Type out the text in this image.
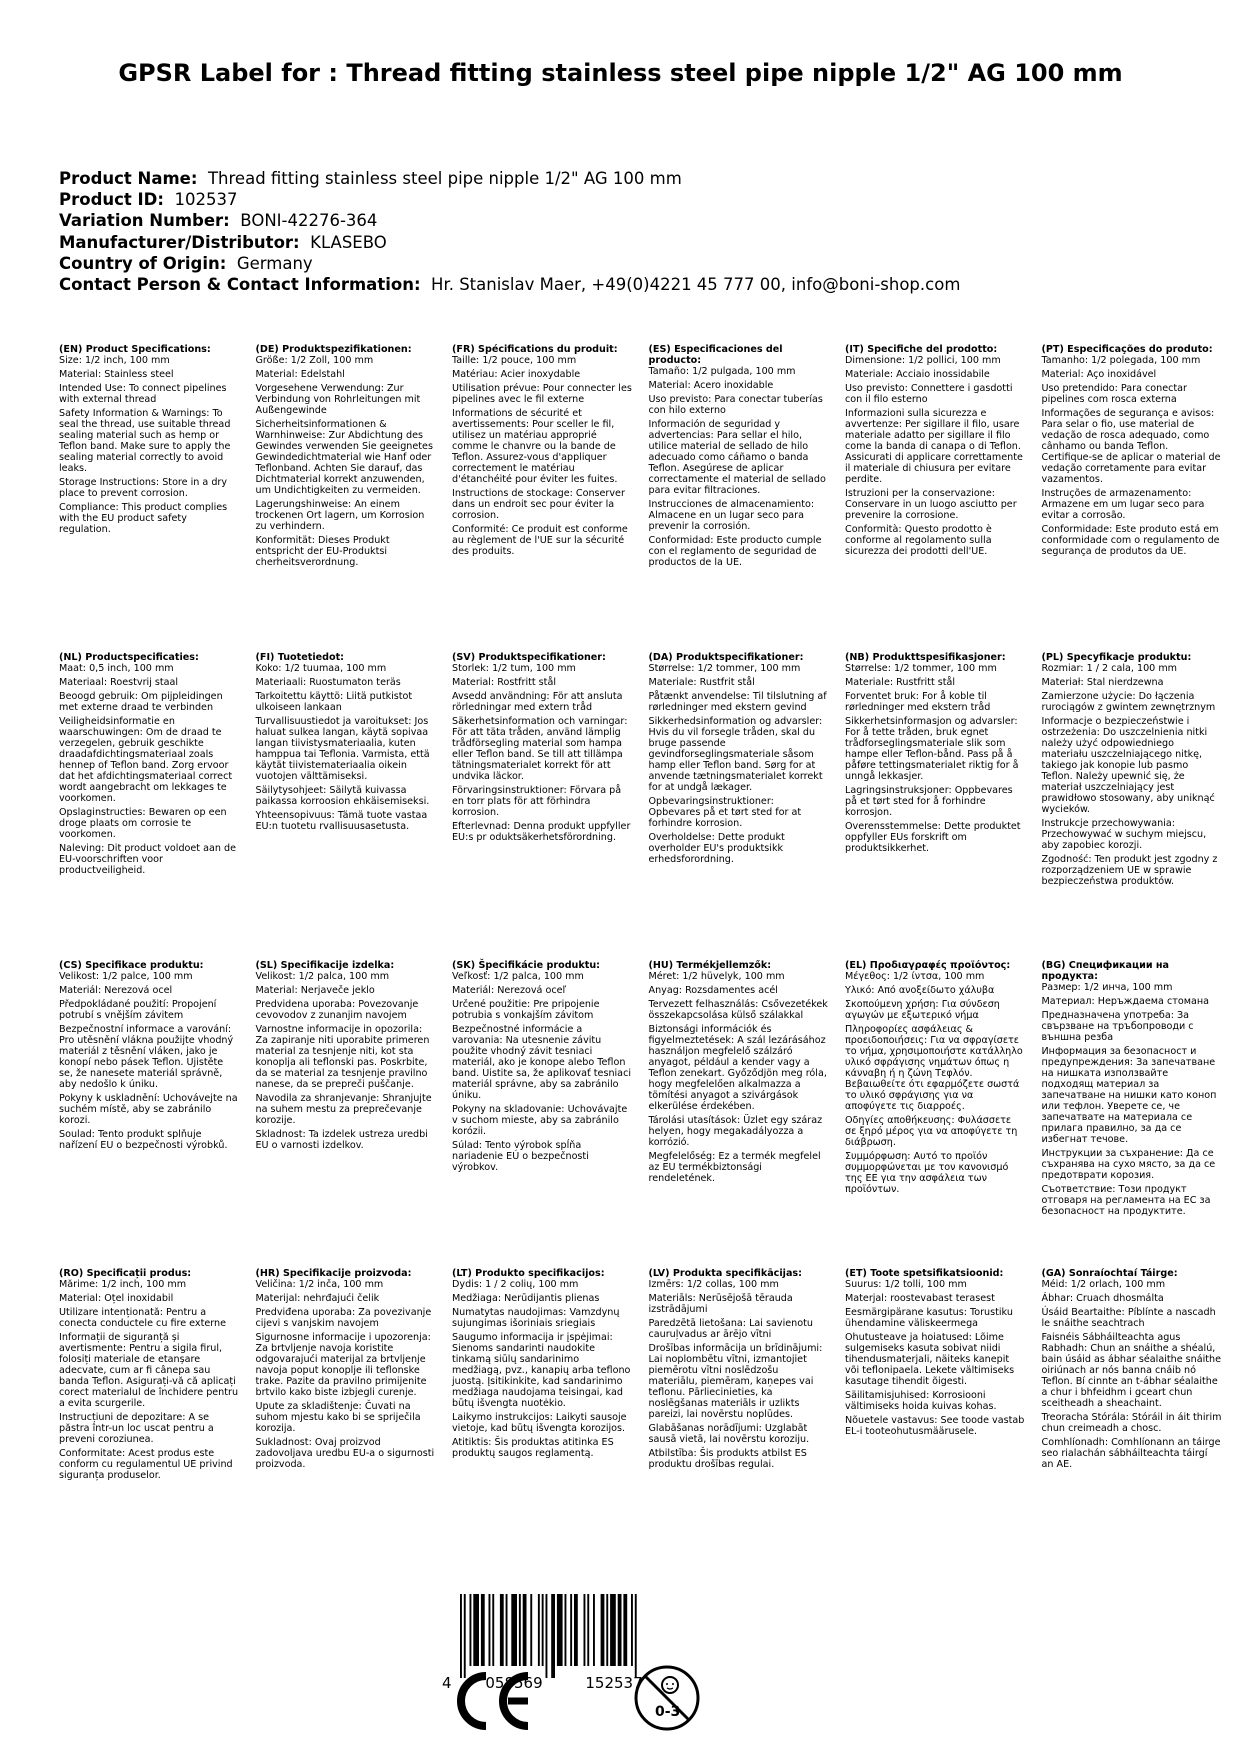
GPSR Label for : Thread fitting stainless steel pipe nipple 1/2" AG 100 mm
Product Name: Thread fitting stainless steel pipe nipple 1/2" AG 100 mm
Product ID: 102537
Variation Number: BONI-42276-364
Manufacturer/Distributor: KLASEBO
Country of Origin: Germany
Contact Person & Contact Information: Hr. Stanislav Maer, +49(0)4221 45 777 00, info@boni-shop.com
(EN) Product Specifications:

Size: 1/2 inch, 100 mm

Material: Stainless steel

Intended Use: To connect pipelines with external thread

Safety Information & Warnings: To seal the thread, use suitable thread sealing material such as hemp or Teflon band. Make sure to apply the sealing material correctly to avoid leaks.

Storage Instructions: Store in a dry place to prevent corrosion.

Compliance: This product complies with the EU product safety regulation.

(DE) Produktspezifikationen:

Größe: 1/2 Zoll, 100 mm

Material: Edelstahl

Vorgesehene Verwendung: Zur Verbindung von Rohrleitungen mit Außengewinde

Sicherheitsinformationen & Warnhinweise: Zur Abdichtung des Gewindes verwenden Sie geeignetes Gewindedichtmaterial wie Hanf oder Teflonband. Achten Sie darauf, das Dichtmaterial korrekt anzuwenden, um Undichtigkeiten zu vermeiden.

Lagerungshinweise: An einem trockenen Ort lagern, um Korrosion zu verhindern.

Konformität: Dieses Produkt entspricht der EU-Produktsi cherheitsverordnung.

(FR) Spécifications du produit:

Taille: 1/2 pouce, 100 mm

Matériau: Acier inoxydable

Utilisation prévue: Pour connecter les pipelines avec le fil externe

Informations de sécurité et avertissements: Pour sceller le fil, utilisez un matériau approprié comme le chanvre ou la bande de Teflon. Assurez-vous d'appliquer correctement le matériau d'étanchéité pour éviter les fuites.

Instructions de stockage: Conserver dans un endroit sec pour éviter la corrosion.

Conformité: Ce produit est conforme au règlement de l'UE sur la sécurité des produits.

(ES) Especificaciones del producto:

Tamaño: 1/2 pulgada, 100 mm

Material: Acero inoxidable

Uso previsto: Para conectar tuberías con hilo externo

Información de seguridad y advertencias: Para sellar el hilo, utilice material de sellado de hilo adecuado como cáñamo o banda Teflon. Asegúrese de aplicar correctamente el material de sellado para evitar filtraciones.

Instrucciones de almacenamiento: Almacene en un lugar seco para prevenir la corrosión.

Conformidad: Este producto cumple con el reglamento de seguridad de productos de la UE.

(IT) Specifiche del prodotto:

Dimensione: 1/2 pollici, 100 mm

Materiale: Acciaio inossidabile

Uso previsto: Connettere i gasdotti con il filo esterno

Informazioni sulla sicurezza e avvertenze: Per sigillare il filo, usare materiale adatto per sigillare il filo come la banda di canapa o di Teflon. Assicurati di applicare correttamente il materiale di chiusura per evitare perdite.

Istruzioni per la conservazione: Conservare in un luogo asciutto per prevenire la corrosione.

Conformità: Questo prodotto è conforme al regolamento sulla sicurezza dei prodotti dell'UE.

(PT) Especificações do produto:

Tamanho: 1/2 polegada, 100 mm

Material: Aço inoxidável

Uso pretendido: Para conectar pipelines com rosca externa

Informações de segurança e avisos: Para selar o fio, use material de vedação de rosca adequado, como cânhamo ou banda Teflon. Certifique-se de aplicar o material de vedação corretamente para evitar vazamentos.

Instruções de armazenamento: Armazene em um lugar seco para evitar a corrosão.

Conformidade: Este produto está em conformidade com o regulamento de segurança de produtos da UE.

(NL) Productspecificaties:

Maat: 0,5 inch, 100 mm

Materiaal: Roestvrij staal

Beoogd gebruik: Om pijpleidingen met externe draad te verbinden

Veiligheidsinformatie en waarschuwingen: Om de draad te verzegelen, gebruik geschikte draadafdichtingsmateriaal zoals hennep of Teflon band. Zorg ervoor dat het afdichtingsmateriaal correct wordt aangebracht om lekkages te voorkomen.

Opslaginstructies: Bewaren op een droge plaats om corrosie te voorkomen.

Naleving: Dit product voldoet aan de EU-voorschriften voor productveiligheid.

(FI) Tuotetiedot:

Koko: 1/2 tuumaa, 100 mm

Materiaali: Ruostumaton teräs

Tarkoitettu käyttö: Liitä putkistot ulkoiseen lankaan

Turvallisuustiedot ja varoitukset: Jos haluat sulkea langan, käytä sopivaa langan tiivistysmateriaalia, kuten hamppua tai Teflonia. Varmista, että käytät tiivistemateriaalia oikein vuotojen välttämiseksi.

Säilytysohjeet: Säilytä kuivassa paikassa korroosion ehkäisemiseksi.

Yhteensopivuus: Tämä tuote vastaa EU:n tuotetu rvallisuusasetusta.

(SV) Produktspecifikationer:

Storlek: 1/2 tum, 100 mm

Material: Rostfritt stål

Avsedd användning: För att ansluta rörledningar med extern tråd

Säkerhetsinformation och varningar: För att täta tråden, använd lämplig trådförsegling material som hampa eller Teflon band. Se till att tillämpa tätningsmaterialet korrekt för att undvika läckor.

Förvaringsinstruktioner: Förvara på en torr plats för att förhindra korrosion.

Efterlevnad: Denna produkt uppfyller EU:s pr oduktsäkerhetsförordning.

(DA) Produktspecifikationer:

Størrelse: 1/2 tommer, 100 mm

Materiale: Rustfrit stål

Påtænkt anvendelse: Til tilslutning af rørledninger med ekstern gevind

Sikkerhedsinformation og advarsler: Hvis du vil forsegle tråden, skal du bruge passende gevindforseglingsmateriale såsom hamp eller Teflon band. Sørg for at anvende tætningsmaterialet korrekt for at undgå lækager.

Opbevaringsinstruktioner: Opbevares på et tørt sted for at forhindre korrosion.

Overholdelse: Dette produkt overholder EU's produktsikk erhedsforordning.

(NB) Produkttspesifikasjoner:

Størrelse: 1/2 tommer, 100 mm

Materiale: Rustfritt stål

Forventet bruk: For å koble til rørledninger med ekstern tråd

Sikkerhetsinformasjon og advarsler: For å tette tråden, bruk egnet trådforseglingsmateriale slik som hampe eller Teflon-bånd. Pass på å påføre tettingsmaterialet riktig for å unngå lekkasjer.

Lagringsinstruksjoner: Oppbevares på et tørt sted for å forhindre korrosjon.

Overensstemmelse: Dette produktet oppfyller EUs forskrift om produktsikkerhet.

(PL) Specyfikacje produktu:

Rozmiar: 1 / 2 cala, 100 mm

Materiał: Stal nierdzewna

Zamierzone użycie: Do łączenia rurociągów z gwintem zewnętrznym

Informacje o bezpieczeństwie i ostrzeżenia: Do uszczelnienia nitki należy użyć odpowiedniego materiału uszczelniającego nitkę, takiego jak konopie lub pasmo Teflon. Należy upewnić się, że materiał uszczelniający jest prawidłowo stosowany, aby uniknąć wycieków.

Instrukcje przechowywania: Przechowywać w suchym miejscu, aby zapobiec korozji.

Zgodność: Ten produkt jest zgodny z rozporządzeniem UE w sprawie bezpieczeństwa produktów.

(CS) Specifikace produktu:

Velikost: 1/2 palce, 100 mm

Materiál: Nerezová ocel

Předpokládané použití: Propojení potrubí s vnějším závitem

Bezpečnostní informace a varování: Pro utěsnění vlákna použijte vhodný materiál z těsnění vláken, jako je konopí nebo pásek Teflon. Ujistěte se, že nanesete materiál správně, aby nedošlo k úniku.

Pokyny k uskladnění: Uchovávejte na suchém místě, aby se zabránilo korozi.

Soulad: Tento produkt splňuje nařízení EU o bezpečnosti výrobků.

(SL) Specifikacije izdelka:

Velikost: 1/2 palca, 100 mm

Material: Nerjaveče jeklo

Predvidena uporaba: Povezovanje cevovodov z zunanjim navojem

Varnostne informacije in opozorila: Za zapiranje niti uporabite primeren material za tesnjenje niti, kot sta konoplja ali teflonski pas. Poskrbite, da se material za tesnjenje pravilno nanese, da se prepreči puščanje.

Navodila za shranjevanje: Shranjujte na suhem mestu za preprečevanje korozije.

Skladnost: Ta izdelek ustreza uredbi EU o varnosti izdelkov.

(SK) Špecifikácie produktu:

Veľkosť: 1/2 palca, 100 mm

Materiál: Nerezová oceľ

Určené použitie: Pre pripojenie potrubia s vonkajším závitom

Bezpečnostné informácie a varovania: Na utesnenie závitu použite vhodný závit tesniaci materiál, ako je konope alebo Teflon band. Uistite sa, že aplikovať tesniaci materiál správne, aby sa zabránilo úniku.

Pokyny na skladovanie: Uchovávajte v suchom mieste, aby sa zabránilo korózii.

Súlad: Tento výrobok spĺňa nariadenie EÚ o bezpečnosti výrobkov.

(HU) Termékjellemzők:

Méret: 1/2 hüvelyk, 100 mm

Anyag: Rozsdamentes acél

Tervezett felhasználás: Csővezetékek összekapcsolása külső szálakkal

Biztonsági információk és figyelmeztetések: A szál lezárásához használjon megfelelő szálzáró anyagot, például a kender vagy a Teflon zenekart. Győződjön meg róla, hogy megfelelően alkalmazza a tömítési anyagot a szivárgások elkerülése érdekében.

Tárolási utasítások: Üzlet egy száraz helyen, hogy megakadályozza a korrózió.

Megfelelőség: Ez a termék megfelel az EU termékbiztonsági rendeletének.

(EL) Προδιαγραφές προϊόντος:

Μέγεθος: 1/2 ίντσα, 100 mm

Υλικό: Από ανοξείδωτο χάλυβα

Σκοπούμενη χρήση: Για σύνδεση αγωγών με εξωτερικό νήμα

Πληροφορίες ασφάλειας & προειδοποιήσεις: Για να σφραγίσετε το νήμα, χρησιμοποιήστε κατάλληλο υλικό σφράγισης νημάτων όπως η κάνναβη ή η ζώνη Τεφλόν. Βεβαιωθείτε ότι εφαρμόζετε σωστά το υλικό σφράγισης για να αποφύγετε τις διαρροές.

Οδηγίες αποθήκευσης: Φυλάσσετε σε ξηρό μέρος για να αποφύγετε τη διάβρωση.

Συμμόρφωση: Αυτό το προϊόν συμμορφώνεται με τον κανονισμό της ΕΕ για την ασφάλεια των προϊόντων.

(BG) Спецификации на продукта:

Размер: 1/2 инча, 100 mm

Материал: Неръждаема стомана

Предназначена употреба: За свързване на тръбопроводи с външна резба

Информация за безопасност и предупреждения: За запечатване на нишката използвайте подходящ материал за запечатване на нишки като коноп или тефлон. Уверете се, че запечатвате на материала се прилага правилно, за да се избегнат течове.

Инструкции за съхранение: Да се съхранява на сухо място, за да се предотврати корозия.

Съответствие: Този продукт отговаря на регламента на ЕС за безопасност на продуктите.

(RO) Specificații produs:

Mărime: 1/2 inch, 100 mm

Material: Oțel inoxidabil

Utilizare intenționată: Pentru a conecta conductele cu fire externe

Informații de siguranță și avertismente: Pentru a sigila firul, folosiți materiale de etanșare adecvate, cum ar fi cânepa sau banda Teflon. Asigurați-vă că aplicați corect materialul de închidere pentru a evita scurgerile.

Instrucțiuni de depozitare: A se păstra într-un loc uscat pentru a preveni coroziunea.

Conformitate: Acest produs este conform cu regulamentul UE privind siguranța produselor.

(HR) Specifikacije proizvoda:

Veličina: 1/2 inča, 100 mm

Materijal: nehrđajući čelik

Predviđena uporaba: Za povezivanje cijevi s vanjskim navojem

Sigurnosne informacije i upozorenja: Za brtvljenje navoja koristite odgovarajući materijal za brtvljenje navoja poput konoplje ili teflonske trake. Pazite da pravilno primijenite brtvilo kako biste izbjegli curenje.

Upute za skladištenje: Čuvati na suhom mjestu kako bi se spriječila korozija.

Sukladnost: Ovaj proizvod zadovoljava uredbu EU-a o sigurnosti proizvoda.

(LT) Produkto specifikacijos:

Dydis: 1 / 2 colių, 100 mm

Medžiaga: Nerūdijantis plienas

Numatytas naudojimas: Vamzdynų sujungimas išoriniais sriegiais

Saugumo informacija ir įspėjimai: Sienoms sandarinti naudokite tinkamą siūlų sandarinimo medžiagą, pvz., kanapių arba teflono juostą. Įsitikinkite, kad sandarinimo medžiaga naudojama teisingai, kad būtų išvengta nuotėkio.

Laikymo instrukcijos: Laikyti sausoje vietoje, kad būtų išvengta korozijos.

Atitiktis: Šis produktas atitinka ES produktų saugos reglamentą.

(LV) Produkta specifikācijas:

Izmērs: 1/2 collas, 100 mm

Materiāls: Nerūsējošā tērauda izstrādājumi

Paredzētā lietošana: Lai savienotu cauruļvadus ar ārējo vītni

Drošības informācija un brīdinājumi: Lai noplombētu vītni, izmantojiet piemērotu vītni noslēdzošu materiālu, piemēram, kaņepes vai teflonu. Pārliecinieties, ka noslēgšanas materiāls ir uzlikts pareizi, lai novērstu noplūdes.

Glabāšanas norādījumi: Uzglabāt sausā vietā, lai novērstu koroziju.

Atbilstība: Šis produkts atbilst ES produktu drošības regulai.

(ET) Toote spetsifikatsioonid:

Suurus: 1/2 tolli, 100 mm

Materjal: roostevabast terasest

Eesmärgipärane kasutus: Torustiku ühendamine väliskeermega

Ohutusteave ja hoiatused: Lõime sulgemiseks kasuta sobivat niidi tihendusmaterjali, näiteks kanepit või teflonipaela. Lekete vältimiseks kasutage tihendit õigesti.

Säilitamisjuhised: Korrosiooni vältimiseks hoida kuivas kohas.

Nõuetele vastavus: See toode vastab EL-i tooteohutusmäärusele.

(GA) Sonraíochtaí Táirge:

Méid: 1/2 orlach, 100 mm

Ábhar: Cruach dhosmálta

Úsáid Beartaithe: Píblínte a nascadh le snáithe seachtrach

Faisnéis Sábháilteachta agus Rabhadh: Chun an snáithe a shéalú, bain úsáid as ábhar séalaithe snáithe oiriúnach ar nós banna cnáib nó Teflon. Bí cinnte an t-ábhar séalaithe a chur i bhfeidhm i gceart chun sceitheadh a sheachaint.

Treoracha Stórála: Stóráil in áit thirim chun creimeadh a chosc.

Comhlíonadh: Comhlíonann an táirge seo rialachán sábháilteachta táirgí an AE.

4 058569	152537
0-3
